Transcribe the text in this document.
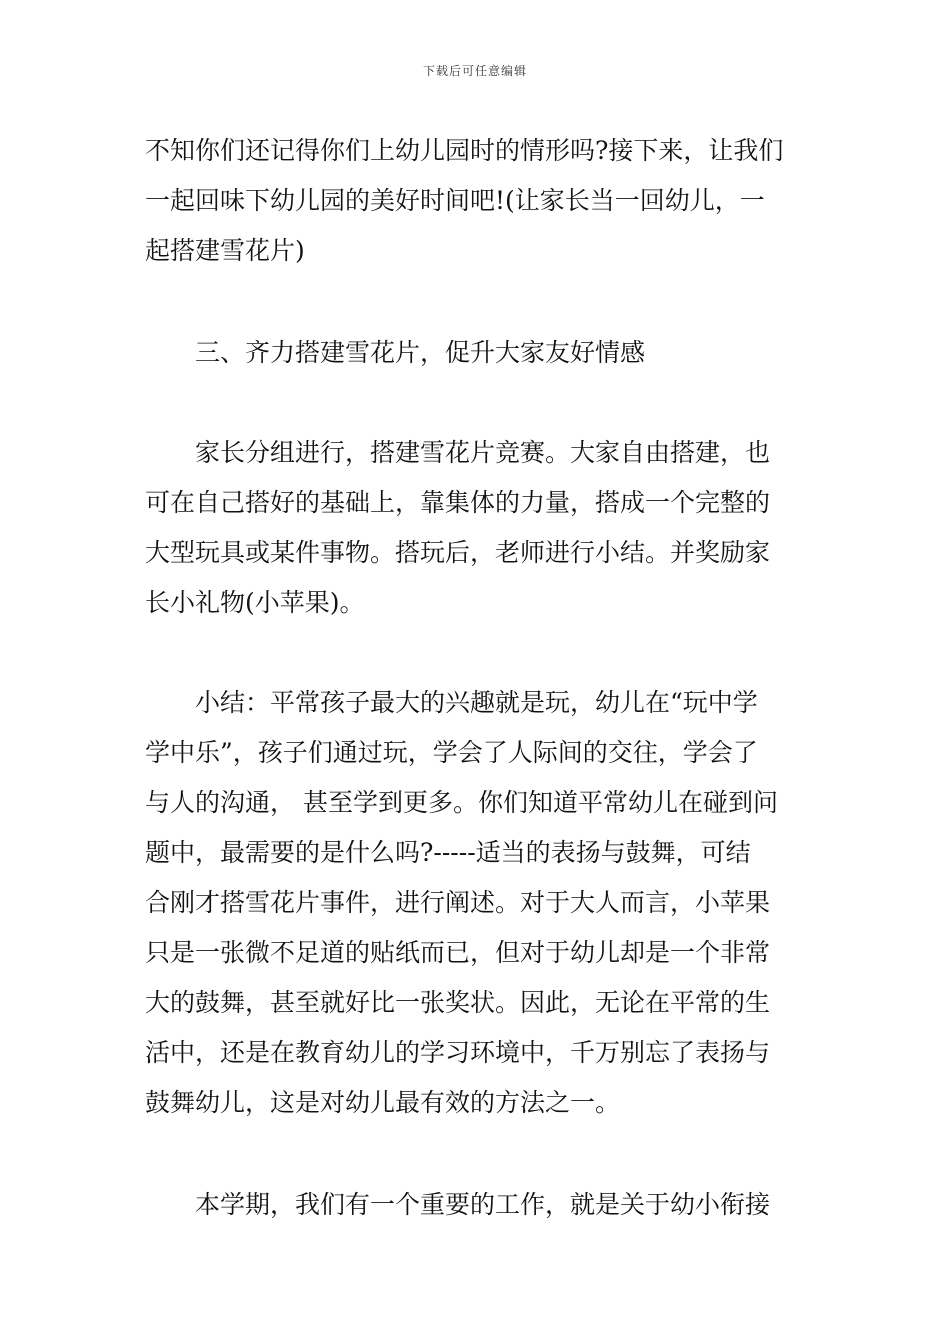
下载后可任意编辑
不知你们还记得你们上幼儿园时的情形吗?接下来，让我们
一起回味下幼儿园的美好时间吧!(让家长当一回幼儿，一
起搭建雪花片)
三、齐力搭建雪花片，促升大家友好情感
家长分组进行，搭建雪花片竞赛。大家自由搭建，也
可在自己搭好的基础上，靠集体的力量，搭成一个完整的
大型玩具或某件事物。搭玩后，老师进行小结。并奖励家
长小礼物(小苹果)。
小结：平常孩子最大的兴趣就是玩，幼儿在“玩中学
学中乐”，孩子们通过玩，学会了人际间的交往，学会了
与人的沟通， 甚至学到更多。你们知道平常幼儿在碰到问
题中，最需要的是什么吗?-----适当的表扬与鼓舞，可结
合刚才搭雪花片事件，进行阐述。对于大人而言，小苹果
只是一张微不足道的贴纸而已，但对于幼儿却是一个非常
大的鼓舞，甚至就好比一张奖状。因此，无论在平常的生
活中，还是在教育幼儿的学习环境中，千万别忘了表扬与
鼓舞幼儿，这是对幼儿最有效的方法之一。
本学期，我们有一个重要的工作，就是关于幼小衔接
